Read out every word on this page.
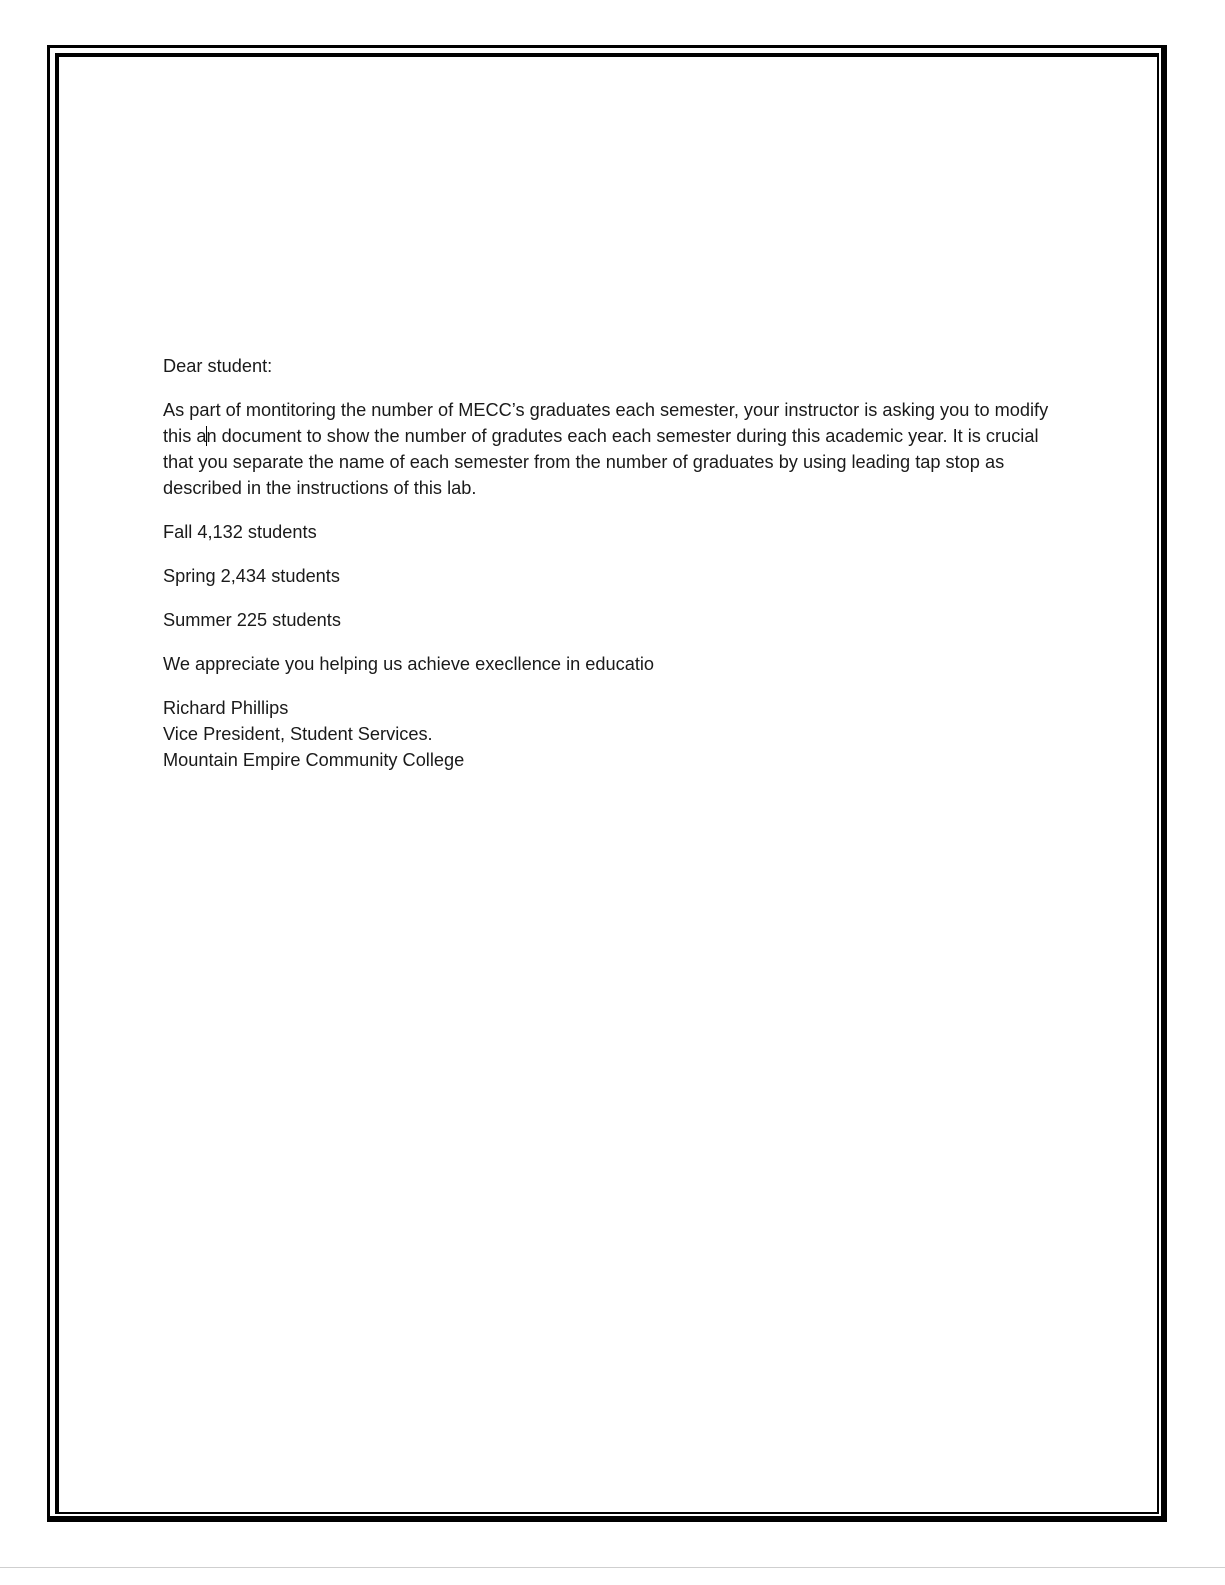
Dear student:

As part of montitoring the number of MECC’s graduates each semester, your instructor is asking you to modify this an document to show the number of gradutes each each semester during this academic year. It is crucial that you separate the name of each semester from the number of graduates by using leading tap stop as described in the instructions of this lab.

Fall 4,132 students

Spring 2,434 students

Summer 225 students

We appreciate you helping us achieve execllence in educatio

Richard Phillips
Vice President, Student Services.
Mountain Empire Community College
